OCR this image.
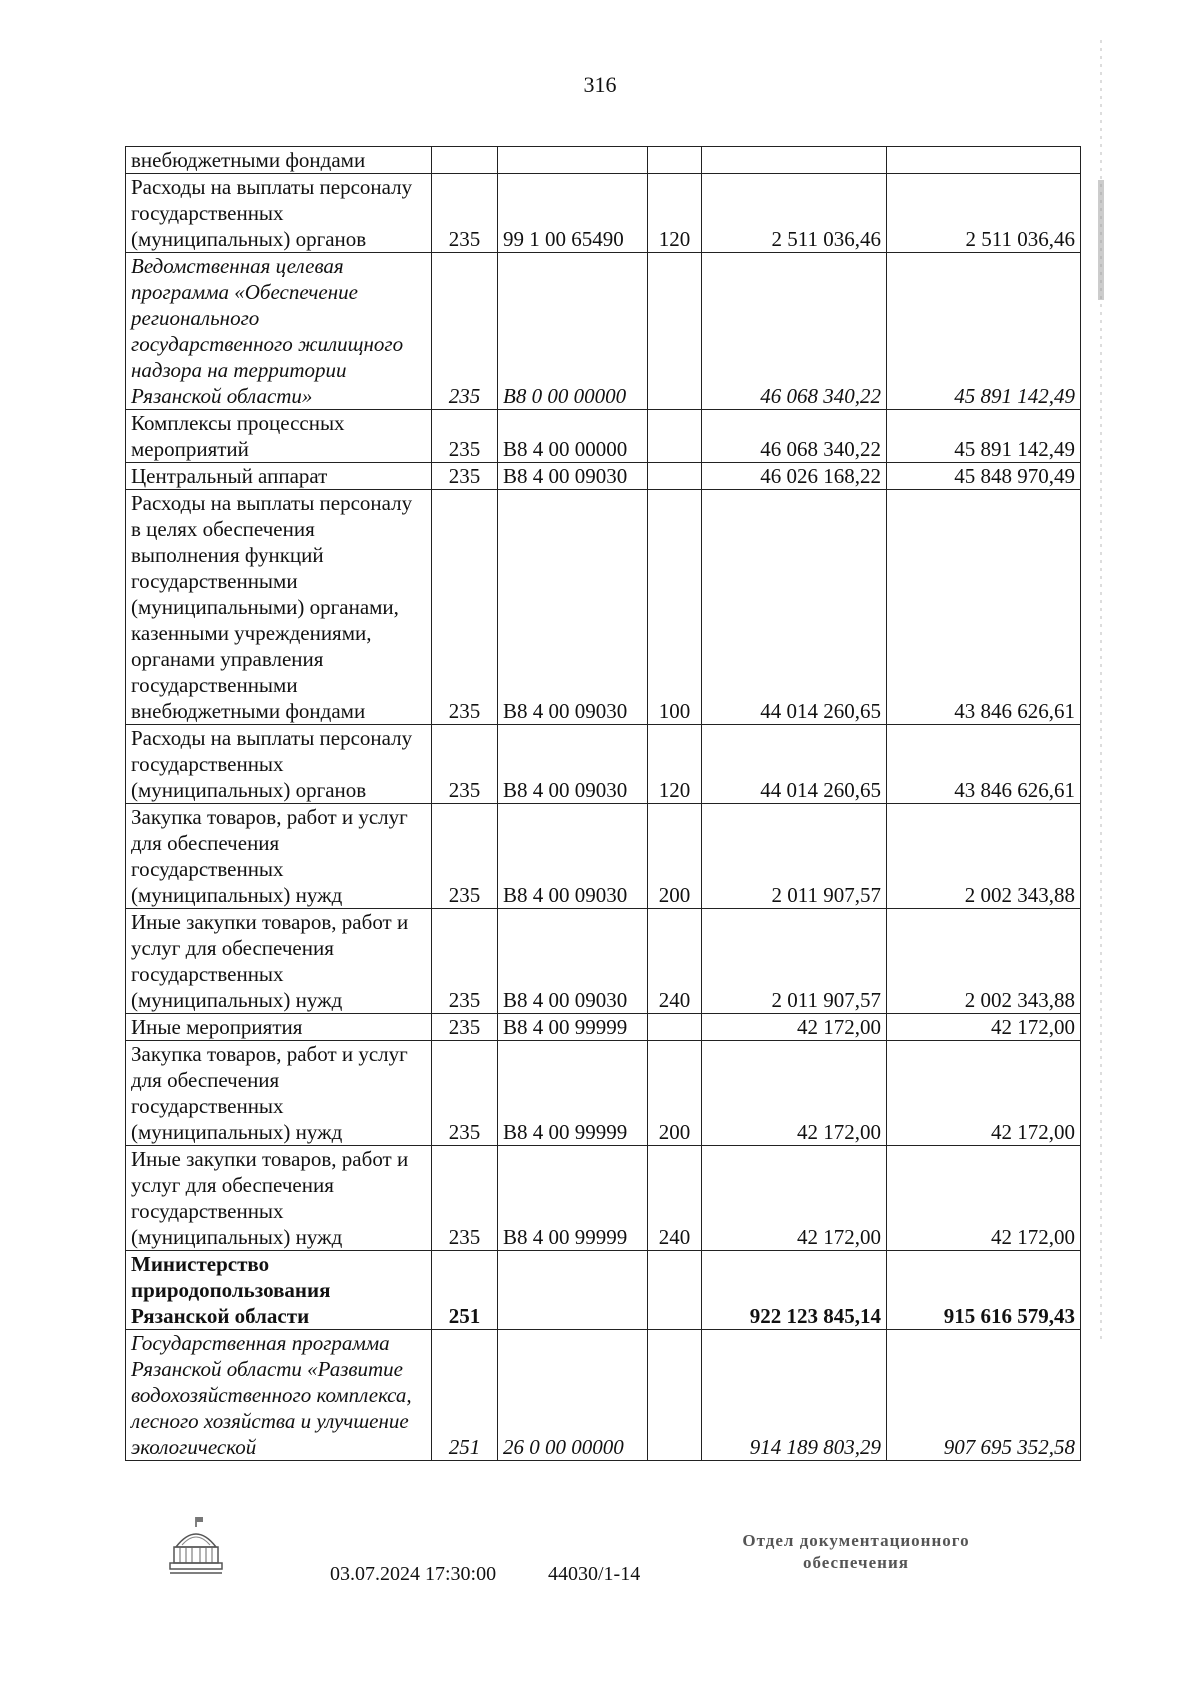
316
внебюджетными фондами					
Расходы на выплаты персоналу государственных (муниципальных) органов	235	99 1 00 65490	120	2 511 036,46	2 511 036,46
Ведомственная целевая программа «Обеспечение регионального государственного жилищного надзора на территории Рязанской области»	235	В8 0 00 00000		46 068 340,22	45 891 142,49
Комплексы процессных мероприятий	235	В8 4 00 00000		46 068 340,22	45 891 142,49
Центральный аппарат	235	В8 4 00 09030		46 026 168,22	45 848 970,49
Расходы на выплаты персоналу в целях обеспечения выполнения функций государственными (муниципальными) органами, казенными учреждениями, органами управления государственными внебюджетными фондами	235	В8 4 00 09030	100	44 014 260,65	43 846 626,61
Расходы на выплаты персоналу государственных (муниципальных) органов	235	В8 4 00 09030	120	44 014 260,65	43 846 626,61
Закупка товаров, работ и услуг для обеспечения государственных (муниципальных) нужд	235	В8 4 00 09030	200	2 011 907,57	2 002 343,88
Иные закупки товаров, работ и услуг для обеспечения государственных (муниципальных) нужд	235	В8 4 00 09030	240	2 011 907,57	2 002 343,88
Иные мероприятия	235	В8 4 00 99999		42 172,00	42 172,00
Закупка товаров, работ и услуг для обеспечения государственных (муниципальных) нужд	235	В8 4 00 99999	200	42 172,00	42 172,00
Иные закупки товаров, работ и услуг для обеспечения государственных (муниципальных) нужд	235	В8 4 00 99999	240	42 172,00	42 172,00
Министерство природопользования Рязанской области	251			922 123 845,14	915 616 579,43
Государственная программа Рязанской области «Развитие водохозяйственного комплекса, лесного хозяйства и улучшение экологической	251	26 0 00 00000		914 189 803,29	907 695 352,58
03.07.2024 17:30:00	44030/1-14
Отдел документационного
обеспечения
